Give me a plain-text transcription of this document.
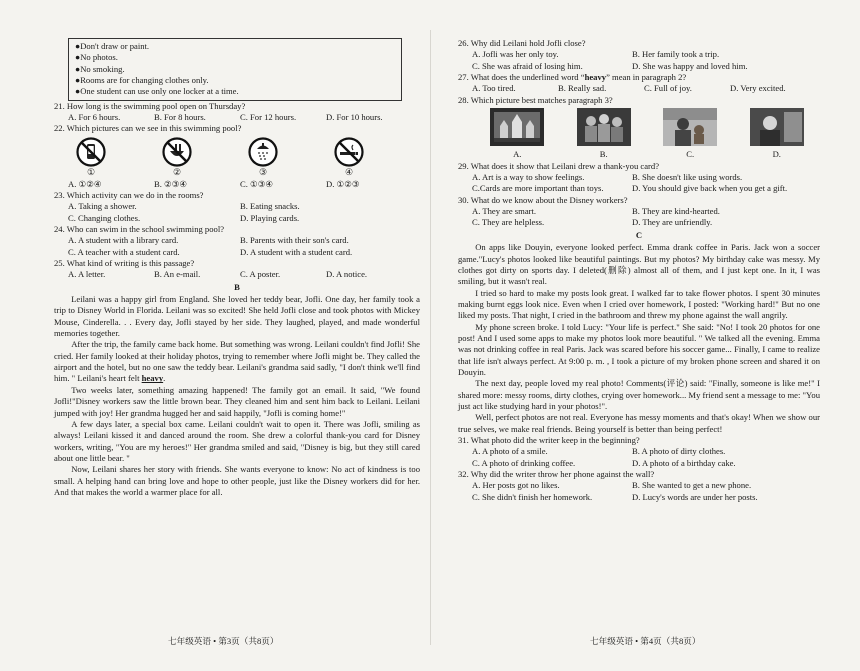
●Don't draw or paint.
●No photos.
●No smoking.
●Rooms are for changing clothes only.
●One student can use only one locker at a time.
21. How long is the swimming pool open on Thursday?
A. For 6 hours.	B. For 8 hours.	C. For 12 hours.	D. For 10 hours.
22. Which pictures can we see in this swimming pool?
①	②	③	④
A. ①②④	B. ②③④	C. ①③④	D. ①②③
23. Which activity can we do in the rooms?
A. Taking a shower.	B. Eating snacks.
C. Changing clothes.	D. Playing cards.
24. Who can swim in the school swimming pool?
A. A student with a library card.	B. Parents with their son's card.
C. A teacher with a student card.	D. A student with a student card.
25. What kind of writing is this passage?
A. A letter.	B. An e-mail.	C. A poster.	D. A notice.
B

Leilani was a happy girl from England. She loved her teddy bear, Jofli. One day, her family took a trip to Disney World in Florida. Leilani was so excited! She held Jofli close and took photos with Mickey Mouse, Cinderella. . . Every day, Jofli stayed by her side. They laughed, played, and made wonderful memories together.

After the trip, the family came back home. But something was wrong. Leilani couldn't find Jofli! She cried. Her family looked at their holiday photos, trying to remember where Jofli might be. They called the airport and the hotel, but no one saw the teddy bear. Leilani's grandma said sadly, "I don't think we'll find him. " Leilani's heart felt heavy.

Two weeks later, something amazing happened! The family got an email. It said, "We found Jofli!"Disney workers saw the little brown bear. They cleaned him and sent him back to Leilani. Leilani jumped with joy! Her grandma hugged her and said happily, "Jofli is coming home!"

A few days later, a special box came. Leilani couldn't wait to open it. There was Jofli, smiling as always! Leilani kissed it and danced around the room. She drew a colorful thank-you card for Disney workers, writing, "You are my heroes!" Her grandma smiled and said, "Disney is big, but they still cared about one little bear. "

Now, Leilani shares her story with friends. She wants everyone to know: No act of kindness is too small. A helping hand can bring love and hope to other people, just like the Disney workers did for her. And that makes the world a warmer place for all.

七年级英语 • 第3页（共8页）
26. Why did Leilani hold Jofli close?
A. Jofli was her only toy.	B. Her family took a trip.
C. She was afraid of losing him.	D. She was happy and loved him.
27. What does the underlined word “heavy” mean in paragraph 2?
A. Too tired.	B. Really sad.	C. Full of joy.	D. Very excited.
28. Which picture best matches paragraph 3?
A.	B.	C.	D.
29. What does it show that Leilani drew a thank-you card?
A. Art is a way to show feelings.	B. She doesn't like using words.
C.Cards are more important than toys.	D. You should give back when you get a gift.
30. What do we know about the Disney workers?
A. They are smart.	B. They are kind-hearted.
C. They are helpless.	D. They are unfriendly.
C

On apps like Douyin, everyone looked perfect. Emma drank coffee in Paris. Jack won a soccer game."Lucy's photos looked like beautiful paintings. But my photos? My birthday cake was messy. My clothes got dirty on sports day. I deleted(删除) almost all of them, and I just kept one. In it, I was smiling, but it wasn't real.

I tried so hard to make my posts look great. I walked far to take flower photos. I spent 30 minutes making burnt eggs look nice. Even when I cried over homework, I posted: "Working hard!" But no one liked my posts. That night, I cried in the bathroom and threw my phone against the wall angrily.

My phone screen broke. I told Lucy: "Your life is perfect." She said: "No! I took 20 photos for one post! And I used some apps to make my photos look more beautiful. " We talked all the evening. Emma was not drinking coffee in real Paris. Jack was scared before his soccer game... Finally, I came to realize that life isn't always perfect. At 9:00 p. m. , I took a picture of my broken phone screen and shared it on Douyin.

The next day, people loved my real photo! Comments(评论) said: "Finally, someone is like me!" I shared more: messy rooms, dirty clothes, crying over homework... My friend sent a message to me: "You just act like studying hard in your photos!".

Well, perfect photos are not real. Everyone has messy moments and that's okay! When we show our true selves, we make real friends. Being yourself is better than being perfect!

31. What photo did the writer keep in the beginning?
A. A photo of a smile.	B. A photo of dirty clothes.
C. A photo of drinking coffee.	D. A photo of a birthday cake.
32. Why did the writer throw her phone against the wall?
A. Her posts got no likes.	B. She wanted to get a new phone.
C. She didn't finish her homework.	D. Lucy's words are under her posts.
七年级英语 • 第4页（共8页）
